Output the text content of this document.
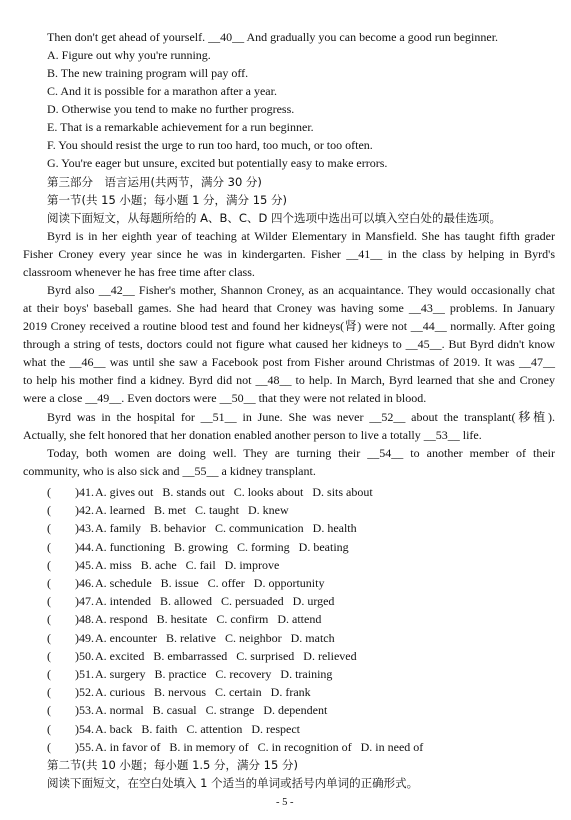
Then don't get ahead of yourself. __40__ And gradually you can become a good run beginner.
A. Figure out why you're running.
B. The new training program will pay off.
C. And it is possible for a marathon after a year.
D. Otherwise you tend to make no further progress.
E. That is a remarkable achievement for a run beginner.
F. You should resist the urge to run too hard, too much, or too often.
G. You're eager but unsure, excited but potentially easy to make errors.
第三部分　语言运用(共两节，满分 30 分)
第一节(共 15 小题；每小题 1 分，满分 15 分)
阅读下面短文，从每题所给的 A、B、C、D 四个选项中选出可以填入空白处的最佳选项。
Byrd is in her eighth year of teaching at Wilder Elementary in Mansfield. She has taught fifth grader
Fisher Croney every year since he was in kindergarten. Fisher __41__ in the class by helping in Byrd's
classroom whenever he has free time after class.
Byrd also __42__ Fisher's mother, Shannon Croney, as an acquaintance. They would occasionally chat
at their boys' baseball games. She had heard that Croney was having some __43__ problems. In January
2019 Croney received a routine blood test and found her kidneys(肾) were not __44__ normally. After going
through a string of tests, doctors could not figure what caused her kidneys to __45__. But Byrd didn't know
what the __46__ was until she saw a Facebook post from Fisher around Christmas of 2019. It was __47__
to help his mother find a kidney. Byrd did not __48__ to help. In March, Byrd learned that she and Croney
were a close __49__. Even doctors were __50__ that they were not related in blood.
Byrd was in the hospital for __51__ in June. She was never __52__ about the transplant(移植).
Actually, she felt honored that her donation enabled another person to live a totally __53__ life.
Today, both women are doing well. They are turning their __54__ to another member of their
community, who is also sick and __55__ a kidney transplant.
(  )41.A. gives out B. stands out C. looks about D. sits about
(  )42.A. learned B. met C. taught D. knew
(  )43.A. family B. behavior C. communication D. health
(  )44.A. functioning B. growing C. forming D. beating
(  )45.A. miss B. ache C. fail D. improve
(  )46.A. schedule B. issue C. offer D. opportunity
(  )47.A. intended B. allowed C. persuaded D. urged
(  )48.A. respond B. hesitate C. confirm D. attend
(  )49.A. encounter B. relative C. neighbor D. match
(  )50.A. excited B. embarrassed C. surprised D. relieved
(  )51.A. surgery B. practice C. recovery D. training
(  )52.A. curious B. nervous C. certain D. frank
(  )53.A. normal B. casual C. strange D. dependent
(  )54.A. back B. faith C. attention D. respect
(  )55.A. in favor of B. in memory of C. in recognition of D. in need of
第二节(共 10 小题；每小题 1.5 分，满分 15 分)
阅读下面短文，在空白处填入 1 个适当的单词或括号内单词的正确形式。
- 5 -
